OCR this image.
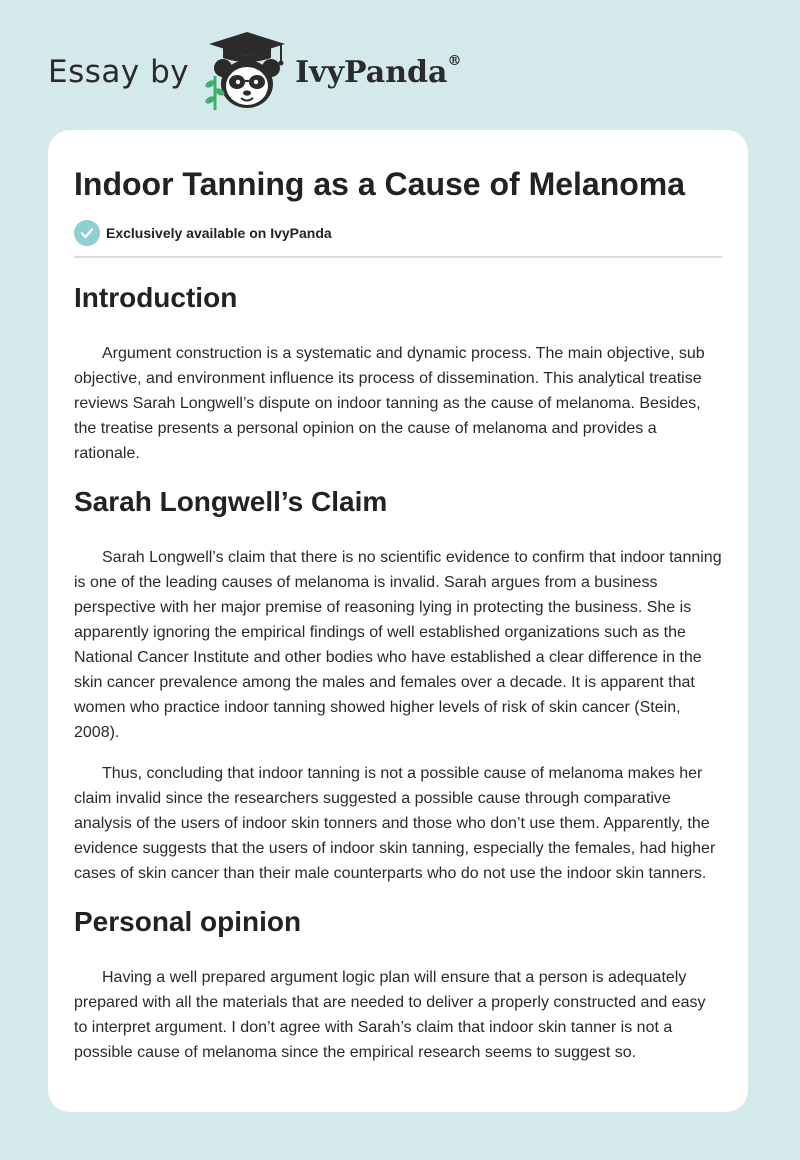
Essay by	IvyPanda®
Indoor Tanning as a Cause of Melanoma
Exclusively available on IvyPanda
Introduction

Argument construction is a systematic and dynamic process. The main objective, sub objective, and environment influence its process of dissemination. This analytical treatise reviews Sarah Longwell’s dispute on indoor tanning as the cause of melanoma. Besides, the treatise presents a personal opinion on the cause of melanoma and provides a rationale.

Sarah Longwell’s Claim

Sarah Longwell’s claim that there is no scientific evidence to confirm that indoor tanning is one of the leading causes of melanoma is invalid. Sarah argues from a business perspective with her major premise of reasoning lying in protecting the business. She is apparently ignoring the empirical findings of well established organizations such as the National Cancer Institute and other bodies who have established a clear difference in the skin cancer prevalence among the males and females over a decade. It is apparent that women who practice indoor tanning showed higher levels of risk of skin cancer (Stein, 2008).

Thus, concluding that indoor tanning is not a possible cause of melanoma makes her claim invalid since the researchers suggested a possible cause through comparative analysis of the users of indoor skin tonners and those who don’t use them. Apparently, the evidence suggests that the users of indoor skin tanning, especially the females, had higher cases of skin cancer than their male counterparts who do not use the indoor skin tanners.

Personal opinion

Having a well prepared argument logic plan will ensure that a person is adequately prepared with all the materials that are needed to deliver a properly constructed and easy to interpret argument. I don’t agree with Sarah’s claim that indoor skin tanner is not a possible cause of melanoma since the empirical research seems to suggest so.
